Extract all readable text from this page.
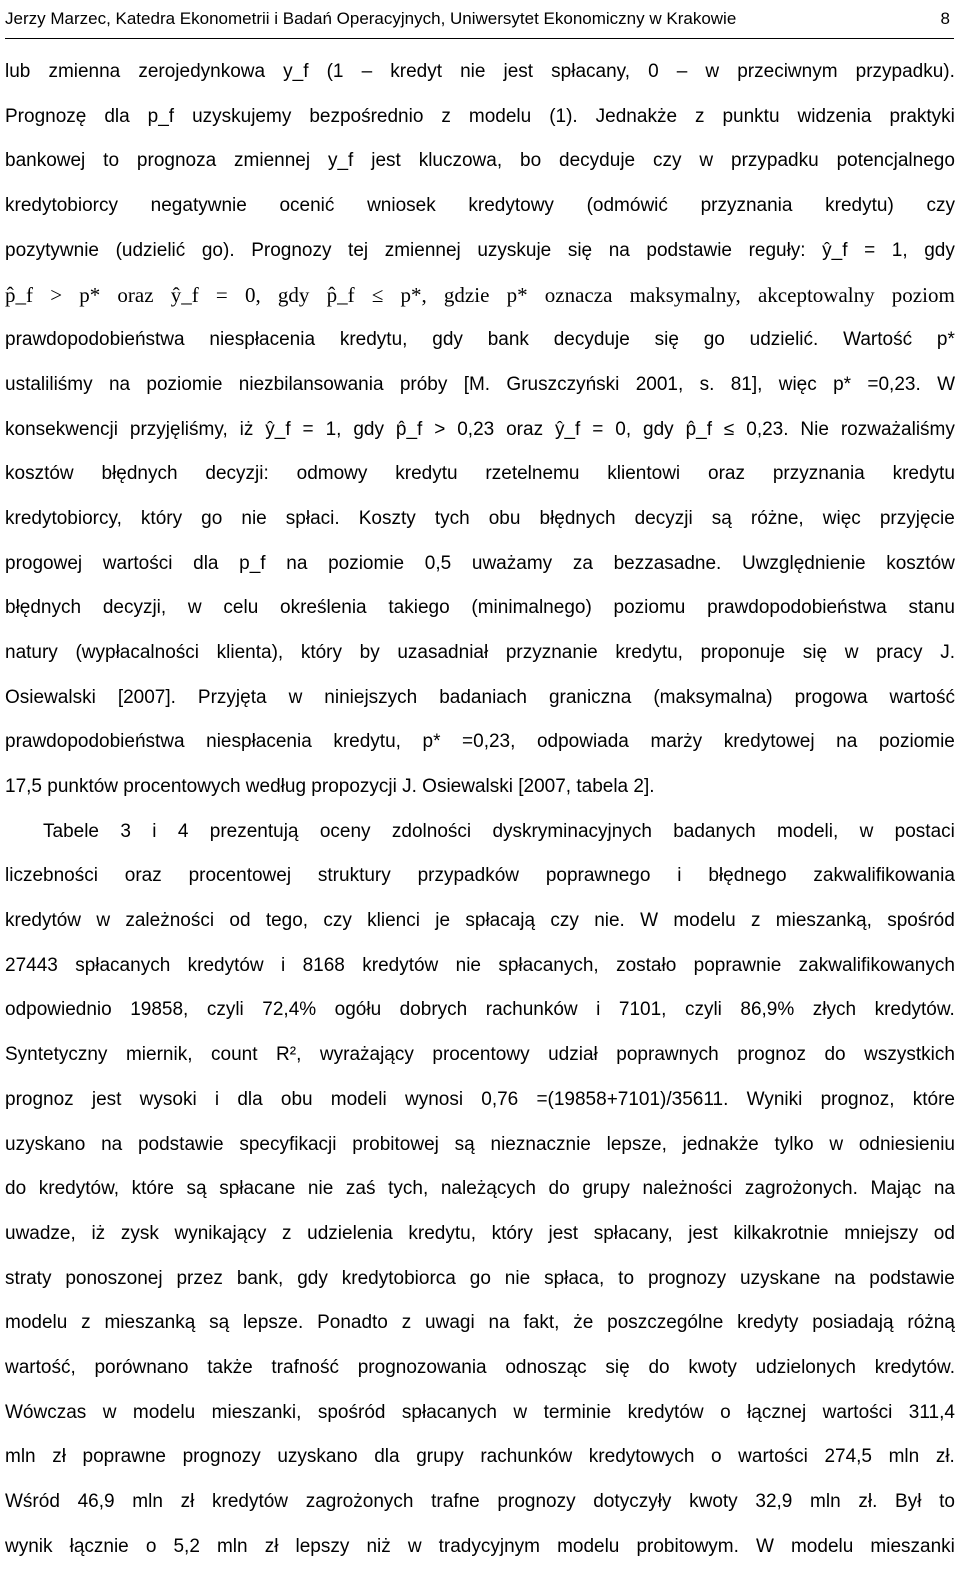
Jerzy Marzec, Katedra Ekonometrii i Badań Operacyjnych, Uniwersytet Ekonomiczny w Krakowie	8
lub zmienna zerojedynkowa y_f (1 – kredyt nie jest spłacany, 0 – w przeciwnym przypadku).
Prognozę dla p_f uzyskujemy bezpośrednio z modelu (1). Jednakże z punktu widzenia praktyki
bankowej to prognoza zmiennej y_f jest kluczowa, bo decyduje czy w przypadku potencjalnego
kredytobiorcy negatywnie ocenić wniosek kredytowy (odmówić przyznania kredytu) czy
pozytywnie (udzielić go). Prognozy tej zmiennej uzyskuje się na podstawie reguły: ŷ_f = 1, gdy
p̂_f > p* oraz ŷ_f = 0, gdy p̂_f ≤ p*, gdzie p* oznacza maksymalny, akceptowalny poziom
prawdopodobieństwa niespłacenia kredytu, gdy bank decyduje się go udzielić. Wartość p*
ustaliliśmy na poziomie niezbilansowania próby [M. Gruszczyński 2001, s. 81], więc p* =0,23. W
konsekwencji przyjęliśmy, iż ŷ_f = 1, gdy p̂_f > 0,23 oraz ŷ_f = 0, gdy p̂_f ≤ 0,23. Nie rozważaliśmy
kosztów błędnych decyzji: odmowy kredytu rzetelnemu klientowi oraz przyznania kredytu
kredytobiorcy, który go nie spłaci. Koszty tych obu błędnych decyzji są różne, więc przyjęcie
progowej wartości dla p_f na poziomie 0,5 uważamy za bezzasadne. Uwzględnienie kosztów
błędnych decyzji, w celu określenia takiego (minimalnego) poziomu prawdopodobieństwa stanu
natury (wypłacalności klienta), który by uzasadniał przyznanie kredytu, proponuje się w pracy J.
Osiewalski [2007]. Przyjęta w niniejszych badaniach graniczna (maksymalna) progowa wartość
prawdopodobieństwa niespłacenia kredytu, p* =0,23, odpowiada marży kredytowej na poziomie
17,5 punktów procentowych według propozycji J. Osiewalski [2007, tabela 2].
Tabele 3 i 4 prezentują oceny zdolności dyskryminacyjnych badanych modeli, w postaci
liczebności oraz procentowej struktury przypadków poprawnego i błędnego zakwalifikowania
kredytów w zależności od tego, czy klienci je spłacają czy nie. W modelu z mieszanką, spośród
27443 spłacanych kredytów i 8168 kredytów nie spłacanych, zostało poprawnie zakwalifikowanych
odpowiednio 19858, czyli 72,4% ogółu dobrych rachunków i 7101, czyli 86,9% złych kredytów.
Syntetyczny miernik, count R², wyrażający procentowy udział poprawnych prognoz do wszystkich
prognoz jest wysoki i dla obu modeli wynosi 0,76 =(19858+7101)/35611. Wyniki prognoz, które
uzyskano na podstawie specyfikacji probitowej są nieznacznie lepsze, jednakże tylko w odniesieniu
do kredytów, które są spłacane nie zaś tych, należących do grupy należności zagrożonych. Mając na
uwadze, iż zysk wynikający z udzielenia kredytu, który jest spłacany, jest kilkakrotnie mniejszy od
straty ponoszonej przez bank, gdy kredytobiorca go nie spłaca, to prognozy uzyskane na podstawie
modelu z mieszanką są lepsze. Ponadto z uwagi na fakt, że poszczególne kredyty posiadają różną
wartość, porównano także trafność prognozowania odnosząc się do kwoty udzielonych kredytów.
Wówczas w modelu mieszanki, spośród spłacanych w terminie kredytów o łącznej wartości 311,4
mln zł poprawne prognozy uzyskano dla grupy rachunków kredytowych o wartości 274,5 mln zł.
Wśród 46,9 mln zł kredytów zagrożonych trafne prognozy dotyczyły kwoty 32,9 mln zł. Był to
wynik łącznie o 5,2 mln zł lepszy niż w tradycyjnym modelu probitowym. W modelu mieszanki
